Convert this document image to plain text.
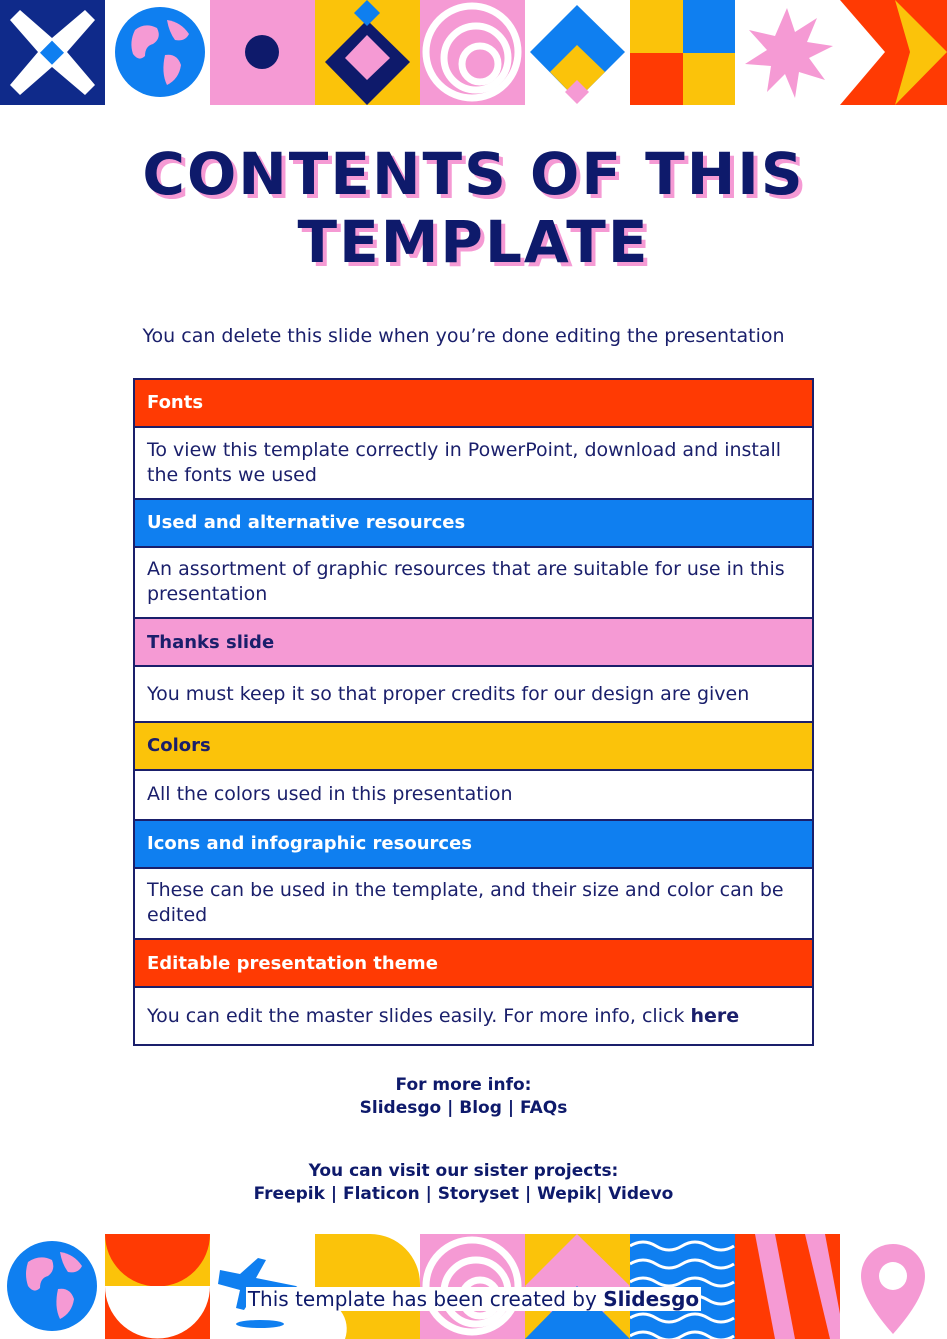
CONTENTS OF THIS
TEMPLATE
You can delete this slide when you’re done editing the presentation
Fonts
To view this template correctly in PowerPoint, download and install the fonts we used
Used and alternative resources
An assortment of graphic resources that are suitable for use in this presentation
Thanks slide
You must keep it so that proper credits for our design are given
Colors
All the colors used in this presentation
Icons and infographic resources
These can be used in the template, and their size and color can be edited
Editable presentation theme
You can edit the master slides easily. For more info, click here
For more info:
Slidesgo | Blog | FAQs
You can visit our sister projects:
Freepik | Flaticon | Storyset | Wepik| Videvo
This template has been created by Slidesgo
